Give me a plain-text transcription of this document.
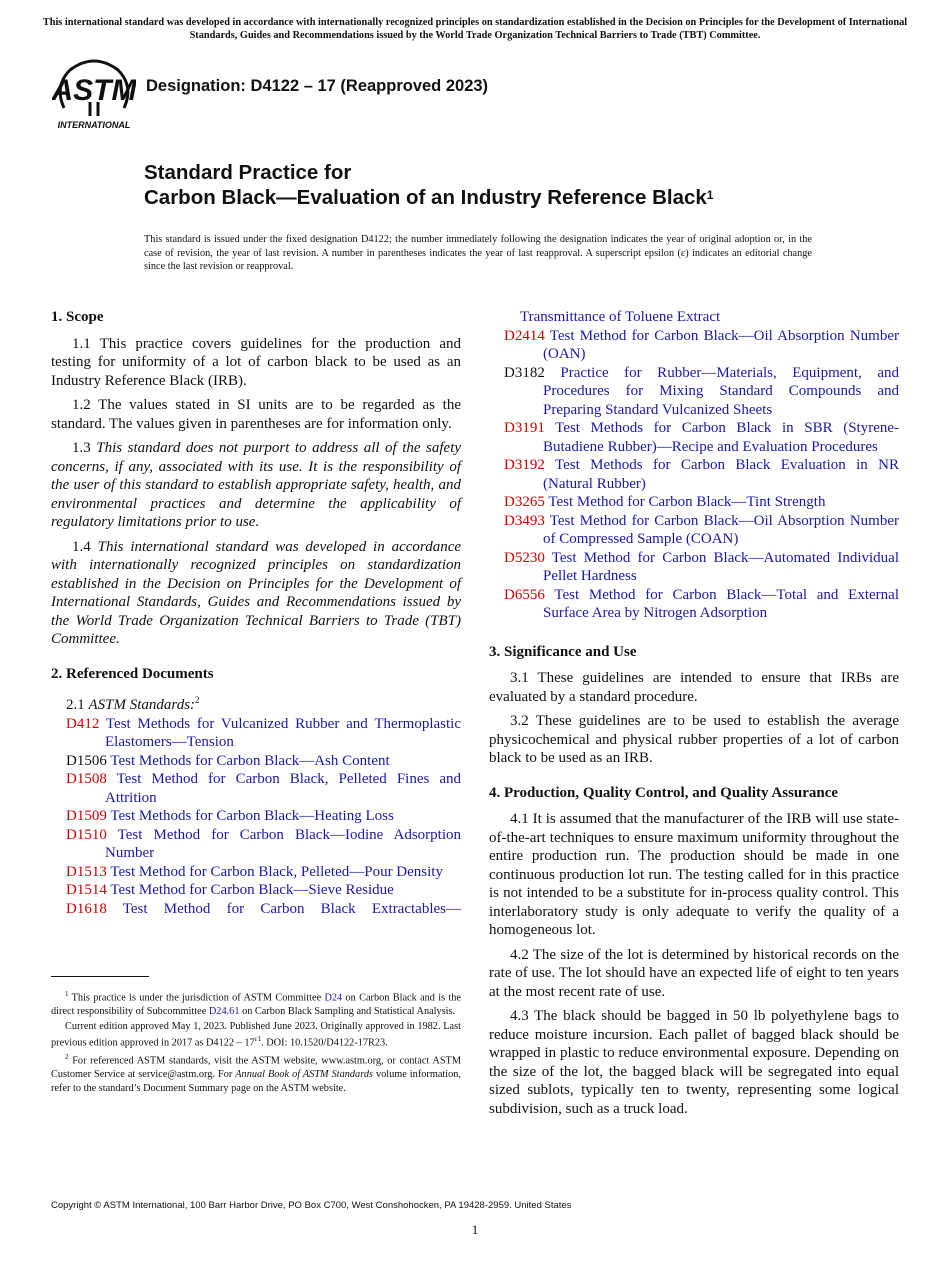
This international standard was developed in accordance with internationally recognized principles on standardization established in the Decision on Principles for the Development of International Standards, Guides and Recommendations issued by the World Trade Organization Technical Barriers to Trade (TBT) Committee.
ASTM
INTERNATIONAL
Designation: D4122 – 17 (Reapproved 2023)
Standard Practice for
Carbon Black—Evaluation of an Industry Reference Black$^1$
This standard is issued under the fixed designation D4122; the number immediately following the designation indicates the year of original adoption or, in the case of revision, the year of last revision. A number in parentheses indicates the year of last reapproval. A superscript epsilon (ε) indicates an editorial change since the last revision or reapproval.
1. Scope

1.1 This practice covers guidelines for the production and testing for uniformity of a lot of carbon black to be used as an Industry Reference Black (IRB).

1.2 The values stated in SI units are to be regarded as the standard. The values given in parentheses are for information only.

1.3 This standard does not purport to address all of the safety concerns, if any, associated with its use. It is the responsibility of the user of this standard to establish appropriate safety, health, and environmental practices and determine the applicability of regulatory limitations prior to use.

1.4 This international standard was developed in accordance with internationally recognized principles on standardization established in the Decision on Principles for the Development of International Standards, Guides and Recommendations issued by the World Trade Organization Technical Barriers to Trade (TBT) Committee.

2. Referenced Documents
2.1 ASTM Standards:$^2$

D412 Test Methods for Vulcanized Rubber and Thermoplastic Elastomers—Tension

D1506 Test Methods for Carbon Black—Ash Content

D1508 Test Method for Carbon Black, Pelleted Fines and Attrition

D1509 Test Methods for Carbon Black—Heating Loss

D1510 Test Method for Carbon Black—Iodine Adsorption Number

D1513 Test Method for Carbon Black, Pelleted—Pour Density

D1514 Test Method for Carbon Black—Sieve Residue

D1618 Test Method for Carbon Black Extractables—

$^1$ This practice is under the jurisdiction of ASTM Committee D24 on Carbon Black and is the direct responsibility of Subcommittee D24.61 on Carbon Black Sampling and Statistical Analysis.

Current edition approved May 1, 2023. Published June 2023. Originally approved in 1982. Last previous edition approved in 2017 as $D4122 - 17^{\varepsilon 1}$. DOI: 10.1520/D4122-17R23.

$^2$ For referenced ASTM standards, visit the ASTM website, www.astm.org, or contact ASTM Customer Service at service@astm.org. For Annual Book of ASTM Standards volume information, refer to the standard’s Document Summary page on the ASTM website.

Transmittance of Toluene Extract

D2414 Test Method for Carbon Black—Oil Absorption Number (OAN)

D3182 Practice for Rubber—Materials, Equipment, and Procedures for Mixing Standard Compounds and Preparing Standard Vulcanized Sheets

D3191 Test Methods for Carbon Black in SBR (Styrene-Butadiene Rubber)—Recipe and Evaluation Procedures

D3192 Test Methods for Carbon Black Evaluation in NR (Natural Rubber)

D3265 Test Method for Carbon Black—Tint Strength

D3493 Test Method for Carbon Black—Oil Absorption Number of Compressed Sample (COAN)

D5230 Test Method for Carbon Black—Automated Individual Pellet Hardness

D6556 Test Method for Carbon Black—Total and External Surface Area by Nitrogen Adsorption

3. Significance and Use

3.1 These guidelines are intended to ensure that IRBs are evaluated by a standard procedure.

3.2 These guidelines are to be used to establish the average physicochemical and physical rubber properties of a lot of carbon black to be used as an IRB.

4. Production, Quality Control, and Quality Assurance

4.1 It is assumed that the manufacturer of the IRB will use state-of-the-art techniques to ensure maximum uniformity throughout the entire production run. The production should be made in one continuous production lot run. The testing called for in this practice is not intended to be a substitute for in-process quality control. This interlaboratory study is only adequate to verify the quality of a homogeneous lot.

4.2 The size of the lot is determined by historical records on the rate of use. The lot should have an expected life of eight to ten years at the most recent rate of use.

4.3 The black should be bagged in 50 lb polyethylene bags to reduce moisture incursion. Each pallet of bagged black should be wrapped in plastic to reduce environmental exposure. Depending on the size of the lot, the bagged black will be segregated into equal sized sublots, typically ten to twenty, representing some logical subdivision, such as a truck load.

Copyright © ASTM International, 100 Barr Harbor Drive, PO Box C700, West Conshohocken, PA 19428-2959. United States
1
